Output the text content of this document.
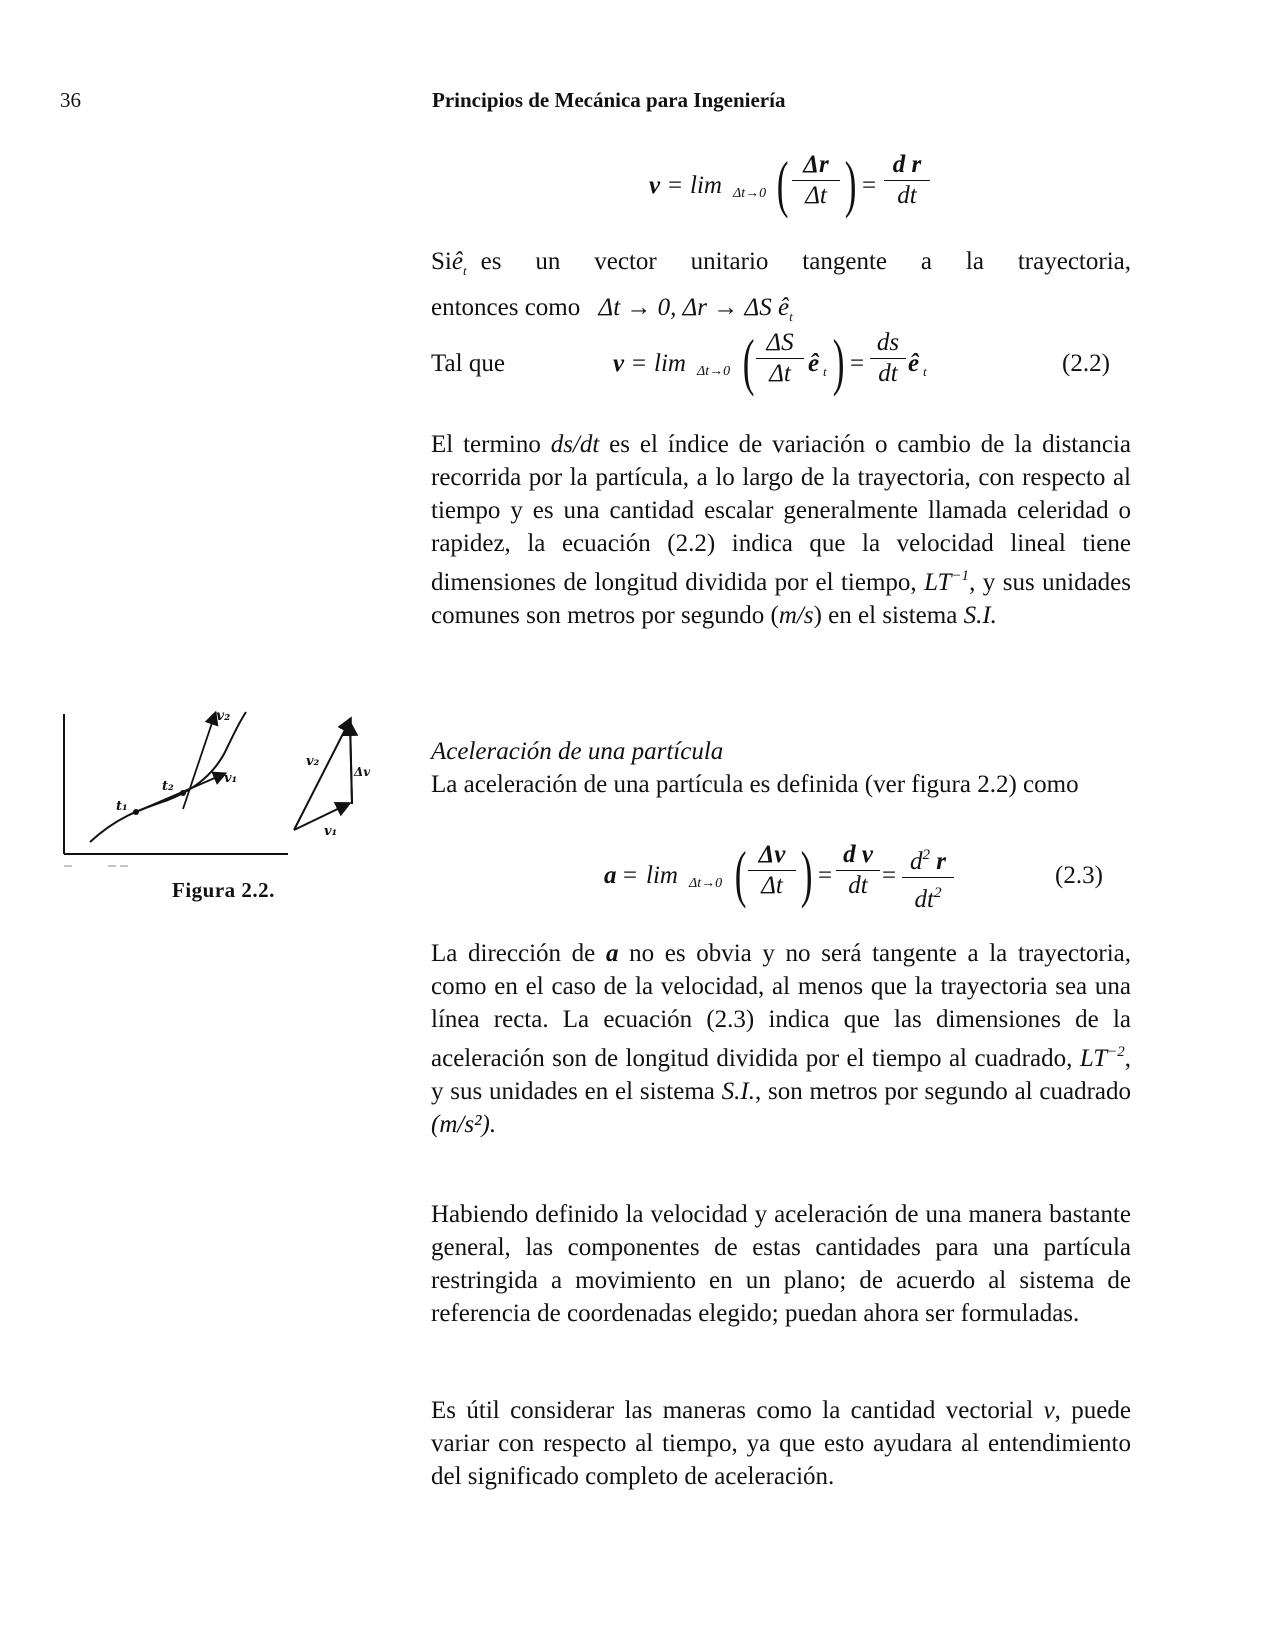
36	Principios de Mecánica para Ingeniería
v = lim Δt→0 ( $\frac{\Delta r}{\Delta t}$ ) = $\frac{\text{d r}}{dt}$

Si $ê_t$ es un vector unitario tangente a la trayectoria,

entonces como Δt → 0, Δr → ΔS $ê_t$

Tal que	v = lim Δt→0 ( $\frac{\Delta S}{\Delta t}$ ê t ) = $\frac{ds}{dt}$ ê t	(2.2)

El termino ds/dt es el índice de variación o cambio de la distancia recorrida por la partícula, a lo largo de la trayectoria, con respecto al tiempo y es una cantidad escalar generalmente llamada celeridad o rapidez, la ecuación (2.2) indica que la velocidad lineal tiene dimensiones de longitud dividida por el tiempo, $LT^{-1}$, y sus unidades comunes son metros por segundo (m/s) en el sistema S.I.

Aceleración de una partícula

La aceleración de una partícula es definida (ver figura 2.2) como

a = lim Δt→0 ( $\frac{\Delta v}{\Delta t}$ ) = $\frac{\text{d v}}{dt} = \frac{d^2 r}{dt^2}$	(2.3)
v₂
t₂
v₁
t₁
v₂
Δv
v₁
Figura 2.2.

La dirección de a no es obvia y no será tangente a la trayectoria, como en el caso de la velocidad, al menos que la trayectoria sea una línea recta. La ecuación (2.3) indica que las dimensiones de la aceleración son de longitud dividida por el tiempo al cuadrado, $LT^{-2}$, y sus unidades en el sistema S.I., son metros por segundo al cuadrado (m/s²).

Habiendo definido la velocidad y aceleración de una manera bastante general, las componentes de estas cantidades para una partícula restringida a movimiento en un plano; de acuerdo al sistema de referencia de coordenadas elegido; puedan ahora ser formuladas.

Es útil considerar las maneras como la cantidad vectorial v, puede variar con respecto al tiempo, ya que esto ayudara al entendimiento del significado completo de aceleración.
